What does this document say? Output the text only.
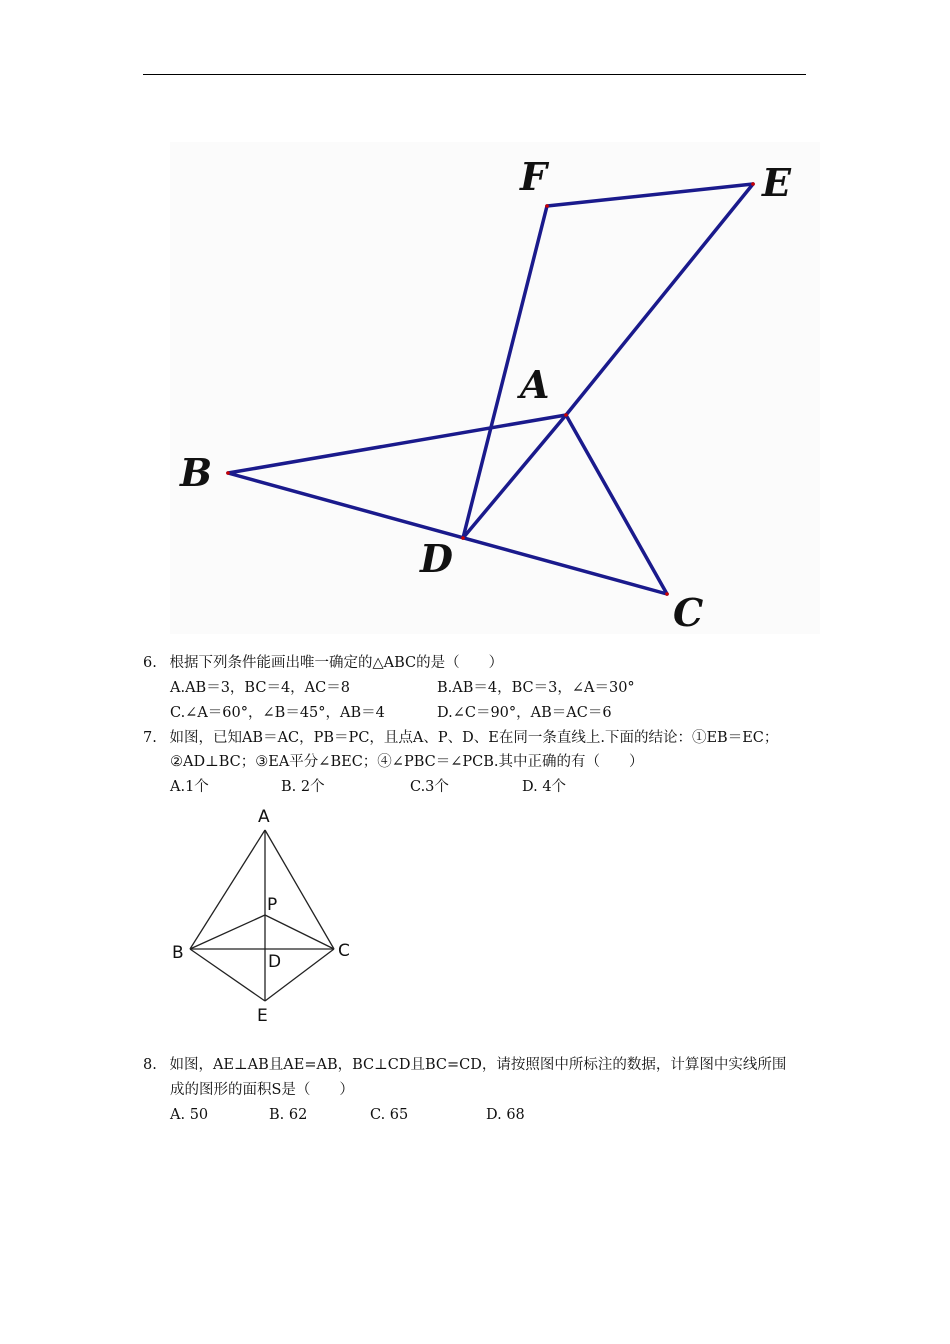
F	E
A
B
D
C
6. 根据下列条件能画出唯一确定的△ABC的是（　　）
A.AB＝3，BC＝4，AC＝8	B.AB＝4，BC＝3，∠A＝30°
C.∠A＝60°，∠B＝45°，AB＝4	D.∠C＝90°，AB＝AC＝6
7. 如图，已知AB＝AC，PB＝PC，且点A、P、D、E在同一条直线上.下面的结论：①EB＝EC；
②AD⊥BC；③EA平分∠BEC；④∠PBC＝∠PCB.其中正确的有（　　）
A.1个	B. 2个	C.3个	D. 4个
A
P
B	C
D
E
8. 如图，AE⊥AB且AE=AB，BC⊥CD且BC=CD，请按照图中所标注的数据，计算图中实线所围
成的图形的面积S是（　　）
A. 50	B. 62	C. 65	D. 68
